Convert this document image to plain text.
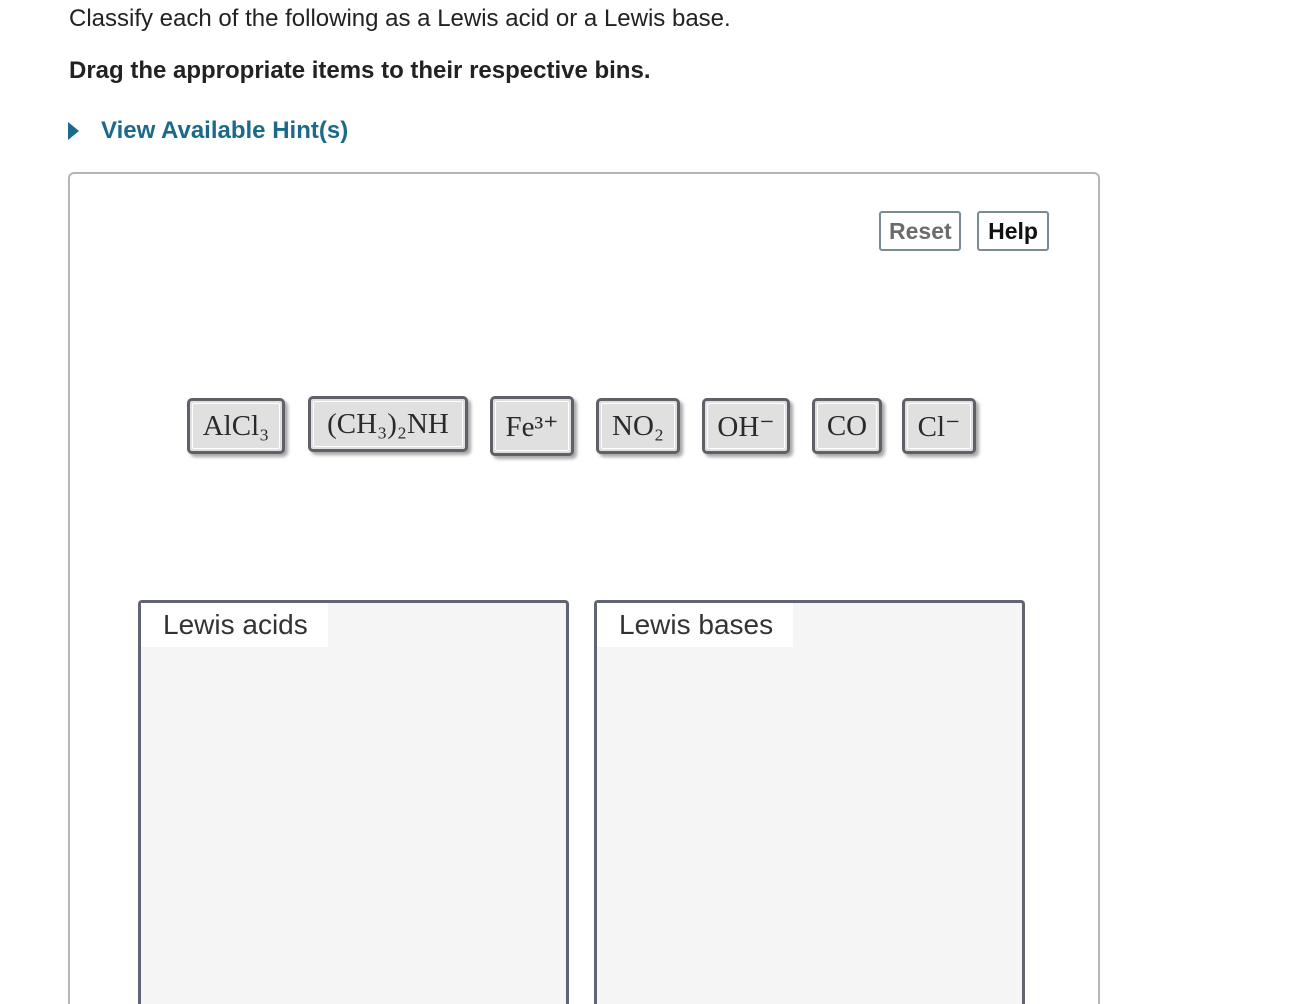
Classify each of the following as a Lewis acid or a Lewis base.
Drag the appropriate items to their respective bins.
View Available Hint(s)
Reset	Help
AlCl₃ (CH₃)₂NH Fe³⁺ NO₂ OH⁻ CO Cl⁻
Lewis acids	Lewis bases
